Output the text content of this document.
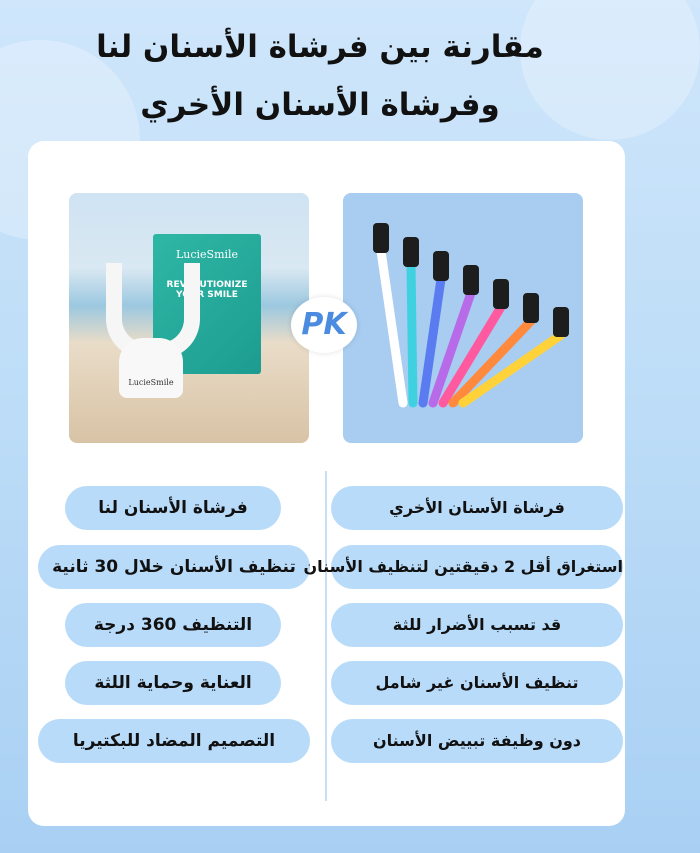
مقارنة بين فرشاة الأسنان لنا
وفرشاة الأسنان الأخري
LucieSmile
REVOLUTIONIZE YOUR SMILE
LucieSmile
PK
فرشاة الأسنان لنا
تنظيف الأسنان خلال 30 ثانية
التنظيف 360 درجة
العناية وحماية اللثة
التصميم المضاد للبكتيريا
فرشاة الأسنان الأخري
استغراق أقل 2 دقيقتين لتنظيف الأسنان
قد تسبب الأضرار للثة
تنظيف الأسنان غير شامل
دون وظيفة تبييض الأسنان
